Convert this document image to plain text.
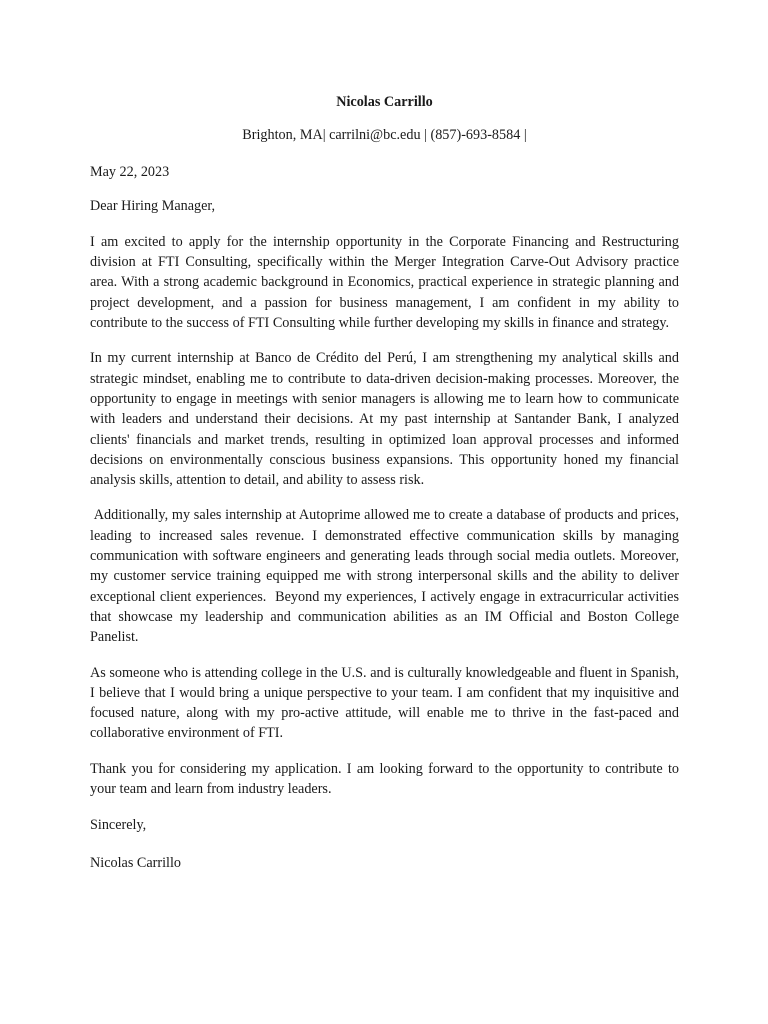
Nicolas Carrillo

Brighton, MA| carrilni@bc.edu | (857)-693-8584 |

May 22, 2023

Dear Hiring Manager,

I am excited to apply for the internship opportunity in the Corporate Financing and Restructuring division at FTI Consulting, specifically within the Merger Integration Carve-Out Advisory practice area. With a strong academic background in Economics, practical experience in strategic planning and project development, and a passion for business management, I am confident in my ability to contribute to the success of FTI Consulting while further developing my skills in finance and strategy.

In my current internship at Banco de Crédito del Perú, I am strengthening my analytical skills and strategic mindset, enabling me to contribute to data-driven decision-making processes. Moreover, the opportunity to engage in meetings with senior managers is allowing me to learn how to communicate with leaders and understand their decisions. At my past internship at Santander Bank, I analyzed clients' financials and market trends, resulting in optimized loan approval processes and informed decisions on environmentally conscious business expansions. This opportunity honed my financial analysis skills, attention to detail, and ability to assess risk.

Additionally, my sales internship at Autoprime allowed me to create a database of products and prices, leading to increased sales revenue. I demonstrated effective communication skills by managing communication with software engineers and generating leads through social media outlets. Moreover, my customer service training equipped me with strong interpersonal skills and the ability to deliver exceptional client experiences.  Beyond my experiences, I actively engage in extracurricular activities that showcase my leadership and communication abilities as an IM Official and Boston College Panelist.

As someone who is attending college in the U.S. and is culturally knowledgeable and fluent in Spanish, I believe that I would bring a unique perspective to your team. I am confident that my inquisitive and focused nature, along with my pro-active attitude, will enable me to thrive in the fast-paced and collaborative environment of FTI.

Thank you for considering my application. I am looking forward to the opportunity to contribute to your team and learn from industry leaders.

Sincerely,

Nicolas Carrillo
